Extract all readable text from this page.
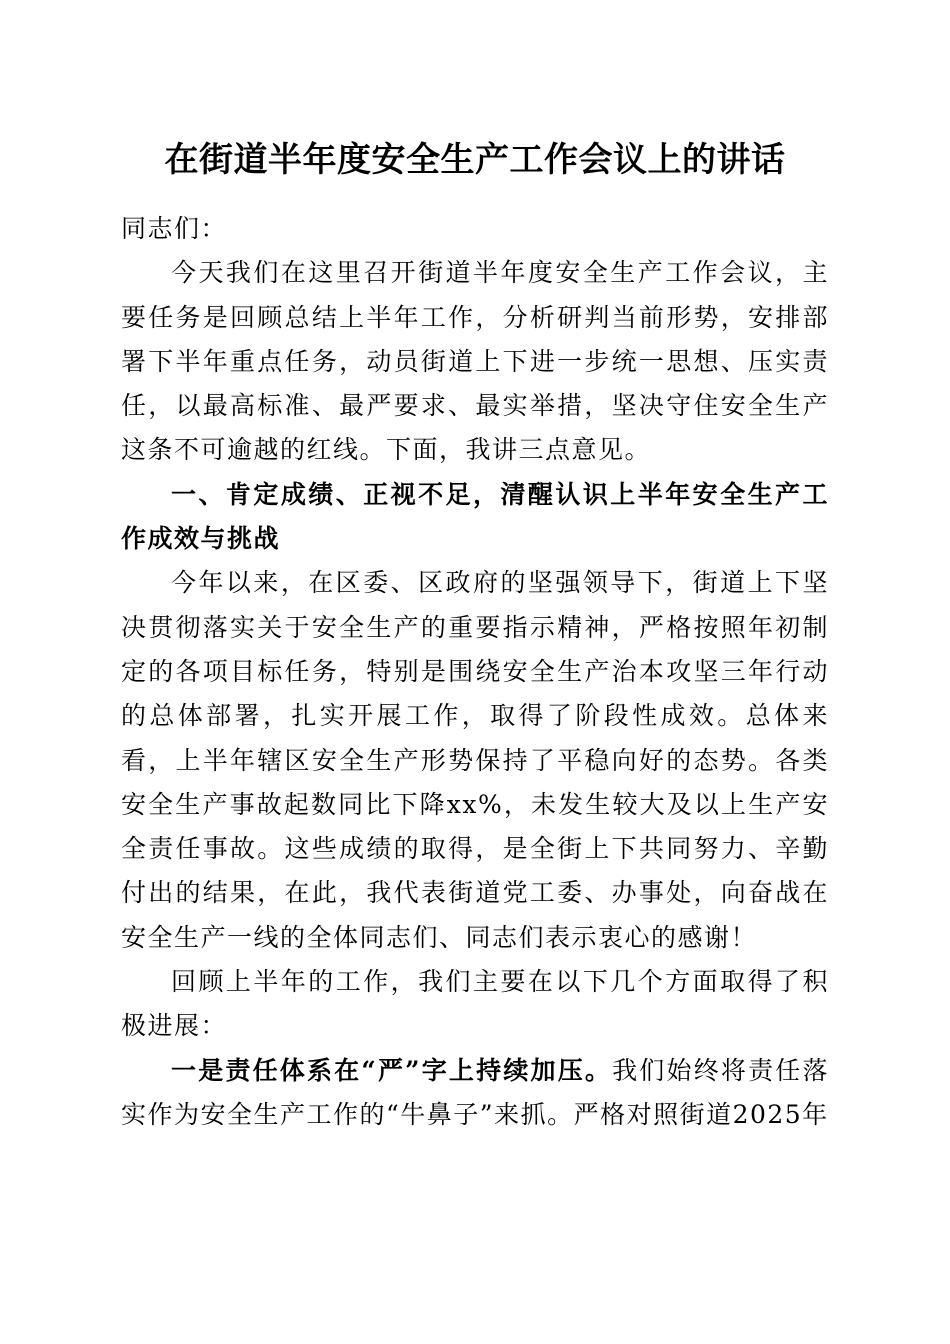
在街道半年度安全生产工作会议上的讲话

同志们：

今天我们在这里召开街道半年度安全生产工作会议，主要任务是回顾总结上半年工作，分析研判当前形势，安排部署下半年重点任务，动员街道上下进一步统一思想、压实责任，以最高标准、最严要求、最实举措，坚决守住安全生产这条不可逾越的红线。下面，我讲三点意见。

一、肯定成绩、正视不足，清醒认识上半年安全生产工作成效与挑战

今年以来，在区委、区政府的坚强领导下，街道上下坚决贯彻落实关于安全生产的重要指示精神，严格按照年初制定的各项目标任务，特别是围绕安全生产治本攻坚三年行动的总体部署，扎实开展工作，取得了阶段性成效。总体来看，上半年辖区安全生产形势保持了平稳向好的态势。各类安全生产事故起数同比下降xx%，未发生较大及以上生产安全责任事故。这些成绩的取得，是全街上下共同努力、辛勤付出的结果，在此，我代表街道党工委、办事处，向奋战在安全生产一线的全体同志们、同志们表示衷心的感谢！

回顾上半年的工作，我们主要在以下几个方面取得了积极进展：

一是责任体系在“严”字上持续加压。我们始终将责任落实作为安全生产工作的“牛鼻子”来抓。严格对照街道2025年
